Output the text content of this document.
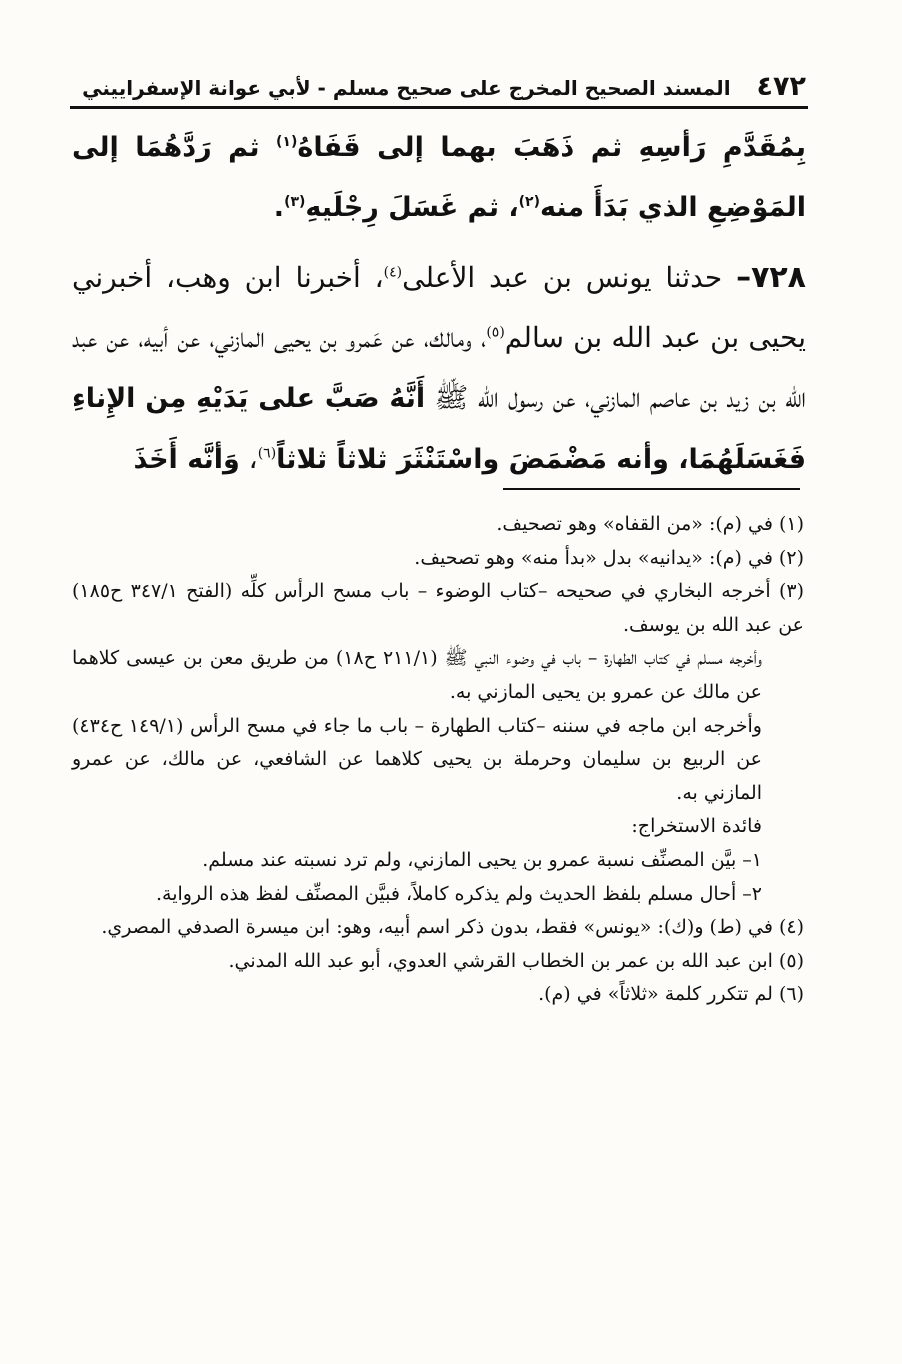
٤٧٢
المسند الصحيح المخرج على صحيح مسلم - لأبي عوانة الإسفراييني

بِمُقَدَّمِ رَأسِهِ ثم ذَهَبَ بهما إلى قَفَاهُ$^{(١)}$ ثم رَدَّهُمَا إلى المَوْضِعِ الذي بَدَأَ منه$^{(٢)}$، ثم غَسَلَ رِجْلَيهِ$^{(٣)}$.

٧٢٨– حدثنا يونس بن عبد الأعلى$^{(٤)}$، أخبرنا ابن وهب، أخبرني يحيى بن عبد الله بن سالم$^{(٥)}$، ومالك، عن عَمرو بن يحيى المازني، عن أبيه، عن عبد الله بن زيد بن عاصم المازني، عن رسول الله ﷺ أَنَّهُ صَبَّ على يَدَيْهِ مِن الإِناءِ فَغَسَلَهُمَا، وأنه مَضْمَضَ واسْتَنْثَرَ ثلاثاً ثلاثاً$^{(٦)}$، وَأنَّه أَخَذَ

(١) في (م): «من القفاه» وهو تصحيف.

(٢) في (م): «يدانيه» بدل «بدأ منه» وهو تصحيف.

(٣) أخرجه البخاري في صحيحه –كتاب الوضوء – باب مسح الرأس كلِّه (الفتح ٣٤٧/١ ح١٨٥) عن عبد الله بن يوسف.

وأخرجه مسلم في كتاب الطهارة – باب في وضوء النبي ﷺ (٢١١/١ ح١٨) من طريق معن بن عيسى كلاهما عن مالك عن عمرو بن يحيى المازني به.

وأخرجه ابن ماجه في سننه –كتاب الطهارة – باب ما جاء في مسح الرأس (١٤٩/١ ح٤٣٤) عن الربيع بن سليمان وحرملة بن يحيى كلاهما عن الشافعي، عن مالك، عن عمرو المازني به.

فائدة الاستخراج:

١– بيَّن المصنِّف نسبة عمرو بن يحيى المازني، ولم ترد نسبته عند مسلم.

٢– أحال مسلم بلفظ الحديث ولم يذكره كاملاً، فبيَّن المصنِّف لفظ هذه الرواية.

(٤) في (ط) و(ك): «يونس» فقط، بدون ذكر اسم أبيه، وهو: ابن ميسرة الصدفي المصري.

(٥) ابن عبد الله بن عمر بن الخطاب القرشي العدوي، أبو عبد الله المدني.

(٦) لم تتكرر كلمة «ثلاثاً» في (م).
